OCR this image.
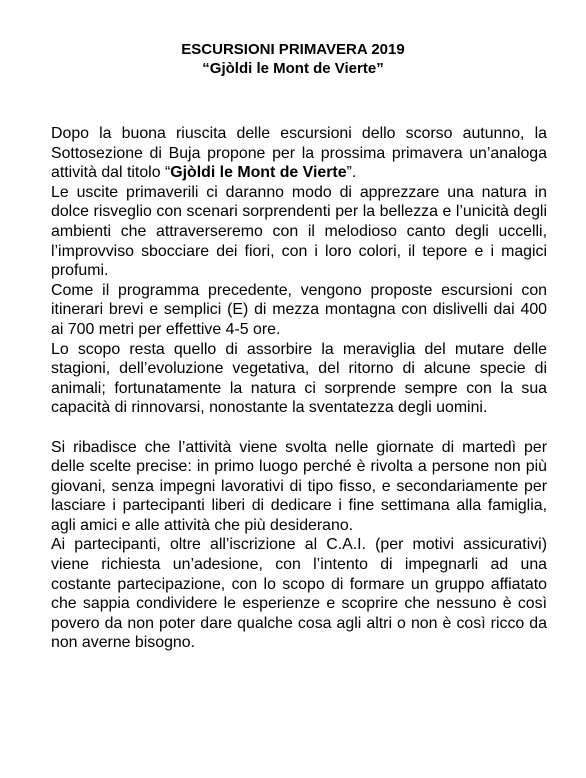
ESCURSIONI PRIMAVERA 2019
“Gjòldi le Mont de Vierte”

Dopo la buona riuscita delle escursioni dello scorso autunno, la Sottosezione di Buja propone per la prossima primavera un’analoga attività dal titolo “Gjòldi le Mont de Vierte”.

Le uscite primaverili ci daranno modo di apprezzare una natura in dolce risveglio con scenari sorprendenti per la bellezza e l’unicità degli ambienti che attraverseremo con il melodioso canto degli uccelli, l’improvviso sbocciare dei fiori, con i loro colori, il tepore e i magici profumi.

Come il programma precedente, vengono proposte escursioni con itinerari brevi e semplici (E) di mezza montagna con dislivelli dai 400 ai 700 metri per effettive 4-5 ore.

Lo scopo resta quello di assorbire la meraviglia del mutare delle stagioni, dell’evoluzione vegetativa, del ritorno di alcune specie di animali; fortunatamente la natura ci sorprende sempre con la sua capacità di rinnovarsi, nonostante la sventatezza degli uomini.

Si ribadisce che l’attività viene svolta nelle giornate di martedì per delle scelte precise: in primo luogo perché è rivolta a persone non più giovani, senza impegni lavorativi di tipo fisso, e secondariamente per lasciare i partecipanti liberi di dedicare i fine settimana alla famiglia, agli amici e alle attività che più desiderano.

Ai partecipanti, oltre all’iscrizione al C.A.I. (per motivi assicurativi) viene richiesta un’adesione, con l’intento di impegnarli ad una costante partecipazione, con lo scopo di formare un gruppo affiatato che sappia condividere le esperienze e scoprire che nessuno è così povero da non poter dare qualche cosa agli altri o non è così ricco da non averne bisogno.
